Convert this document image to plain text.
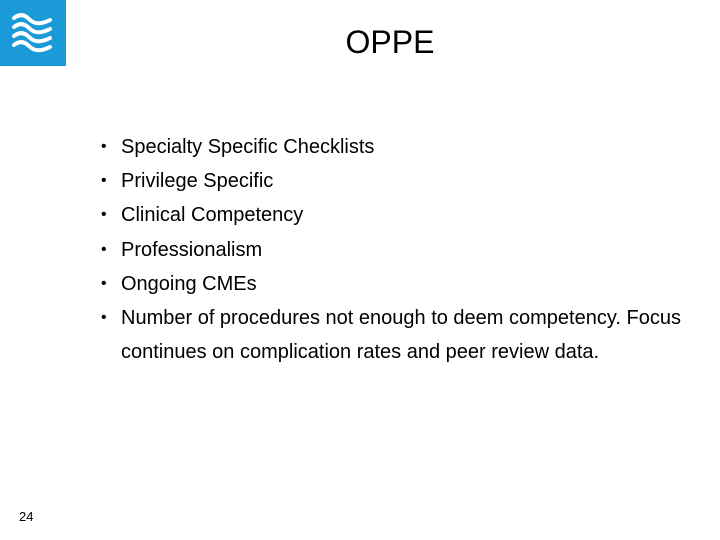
OPPE
• Specialty Specific Checklists
• Privilege Specific
• Clinical Competency
• Professionalism
• Ongoing CMEs
• Number of procedures not enough to deem competency. Focus continues on complication rates and peer review data.
24
